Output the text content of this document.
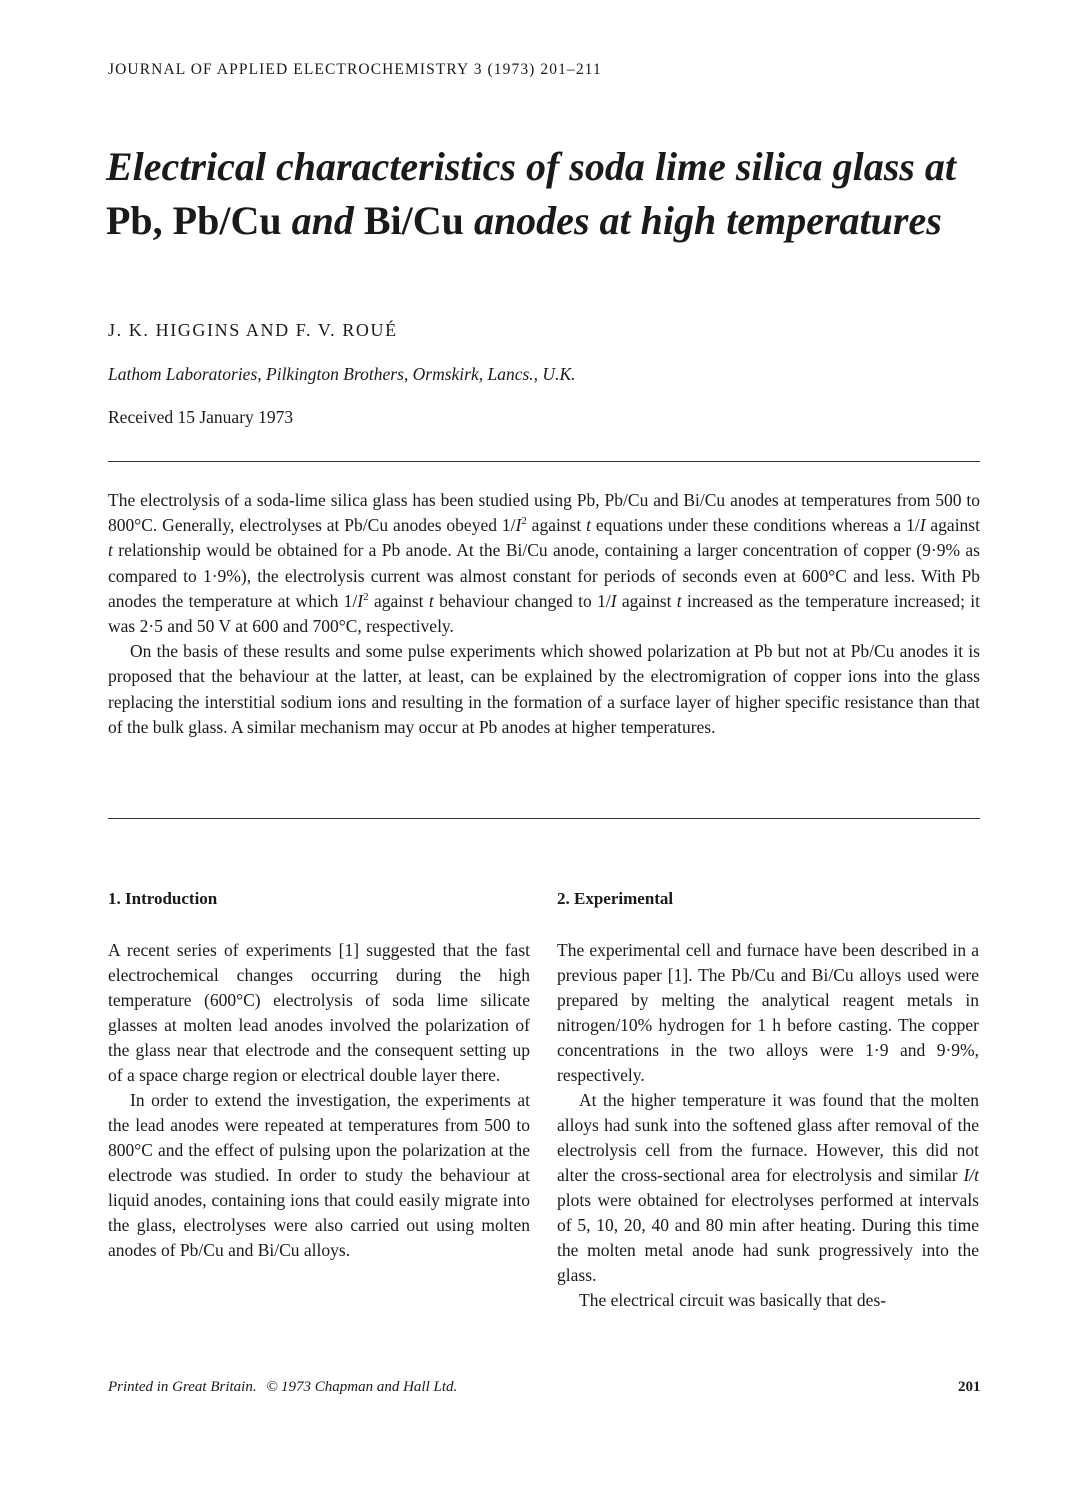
JOURNAL OF APPLIED ELECTROCHEMISTRY 3 (1973) 201–211
Electrical characteristics of soda lime silica glass at Pb, Pb/Cu and Bi/Cu anodes at high temperatures
J. K. HIGGINS AND F. V. ROUÉ
Lathom Laboratories, Pilkington Brothers, Ormskirk, Lancs., U.K.
Received 15 January 1973

The electrolysis of a soda-lime silica glass has been studied using Pb, Pb/Cu and Bi/Cu anodes at temperatures from 500 to 800°C. Generally, electrolyses at Pb/Cu anodes obeyed $1/I^2$ against t equations under these conditions whereas a 1/I against t relationship would be obtained for a Pb anode. At the Bi/Cu anode, containing a larger concentration of copper (9·9% as compared to 1·9%), the electrolysis current was almost constant for periods of seconds even at 600°C and less. With Pb anodes the temperature at which $1/I^2$ against t behaviour changed to 1/I against t increased as the temperature increased; it was 2·5 and 50 V at 600 and 700°C, respectively.

On the basis of these results and some pulse experiments which showed polarization at Pb but not at Pb/Cu anodes it is proposed that the behaviour at the latter, at least, can be explained by the electromigration of copper ions into the glass replacing the interstitial sodium ions and resulting in the formation of a surface layer of higher specific resistance than that of the bulk glass. A similar mechanism may occur at Pb anodes at higher temperatures.

1. Introduction

A recent series of experiments [1] suggested that the fast electrochemical changes occurring during the high temperature (600°C) electrolysis of soda lime silicate glasses at molten lead anodes involved the polarization of the glass near that electrode and the consequent setting up of a space charge region or electrical double layer there.

In order to extend the investigation, the experiments at the lead anodes were repeated at temperatures from 500 to 800°C and the effect of pulsing upon the polarization at the electrode was studied. In order to study the behaviour at liquid anodes, containing ions that could easily migrate into the glass, electrolyses were also carried out using molten anodes of Pb/Cu and Bi/Cu alloys.

2. Experimental

The experimental cell and furnace have been described in a previous paper [1]. The Pb/Cu and Bi/Cu alloys used were prepared by melting the analytical reagent metals in nitrogen/10% hydrogen for 1 h before casting. The copper concentrations in the two alloys were 1·9 and 9·9%, respectively.

At the higher temperature it was found that the molten alloys had sunk into the softened glass after removal of the electrolysis cell from the furnace. However, this did not alter the cross-sectional area for electrolysis and similar I/t plots were obtained for electrolyses performed at intervals of 5, 10, 20, 40 and 80 min after heating. During this time the molten metal anode had sunk progressively into the glass.

The electrical circuit was basically that des-

Printed in Great Britain. © 1973 Chapman and Hall Ltd.	201
